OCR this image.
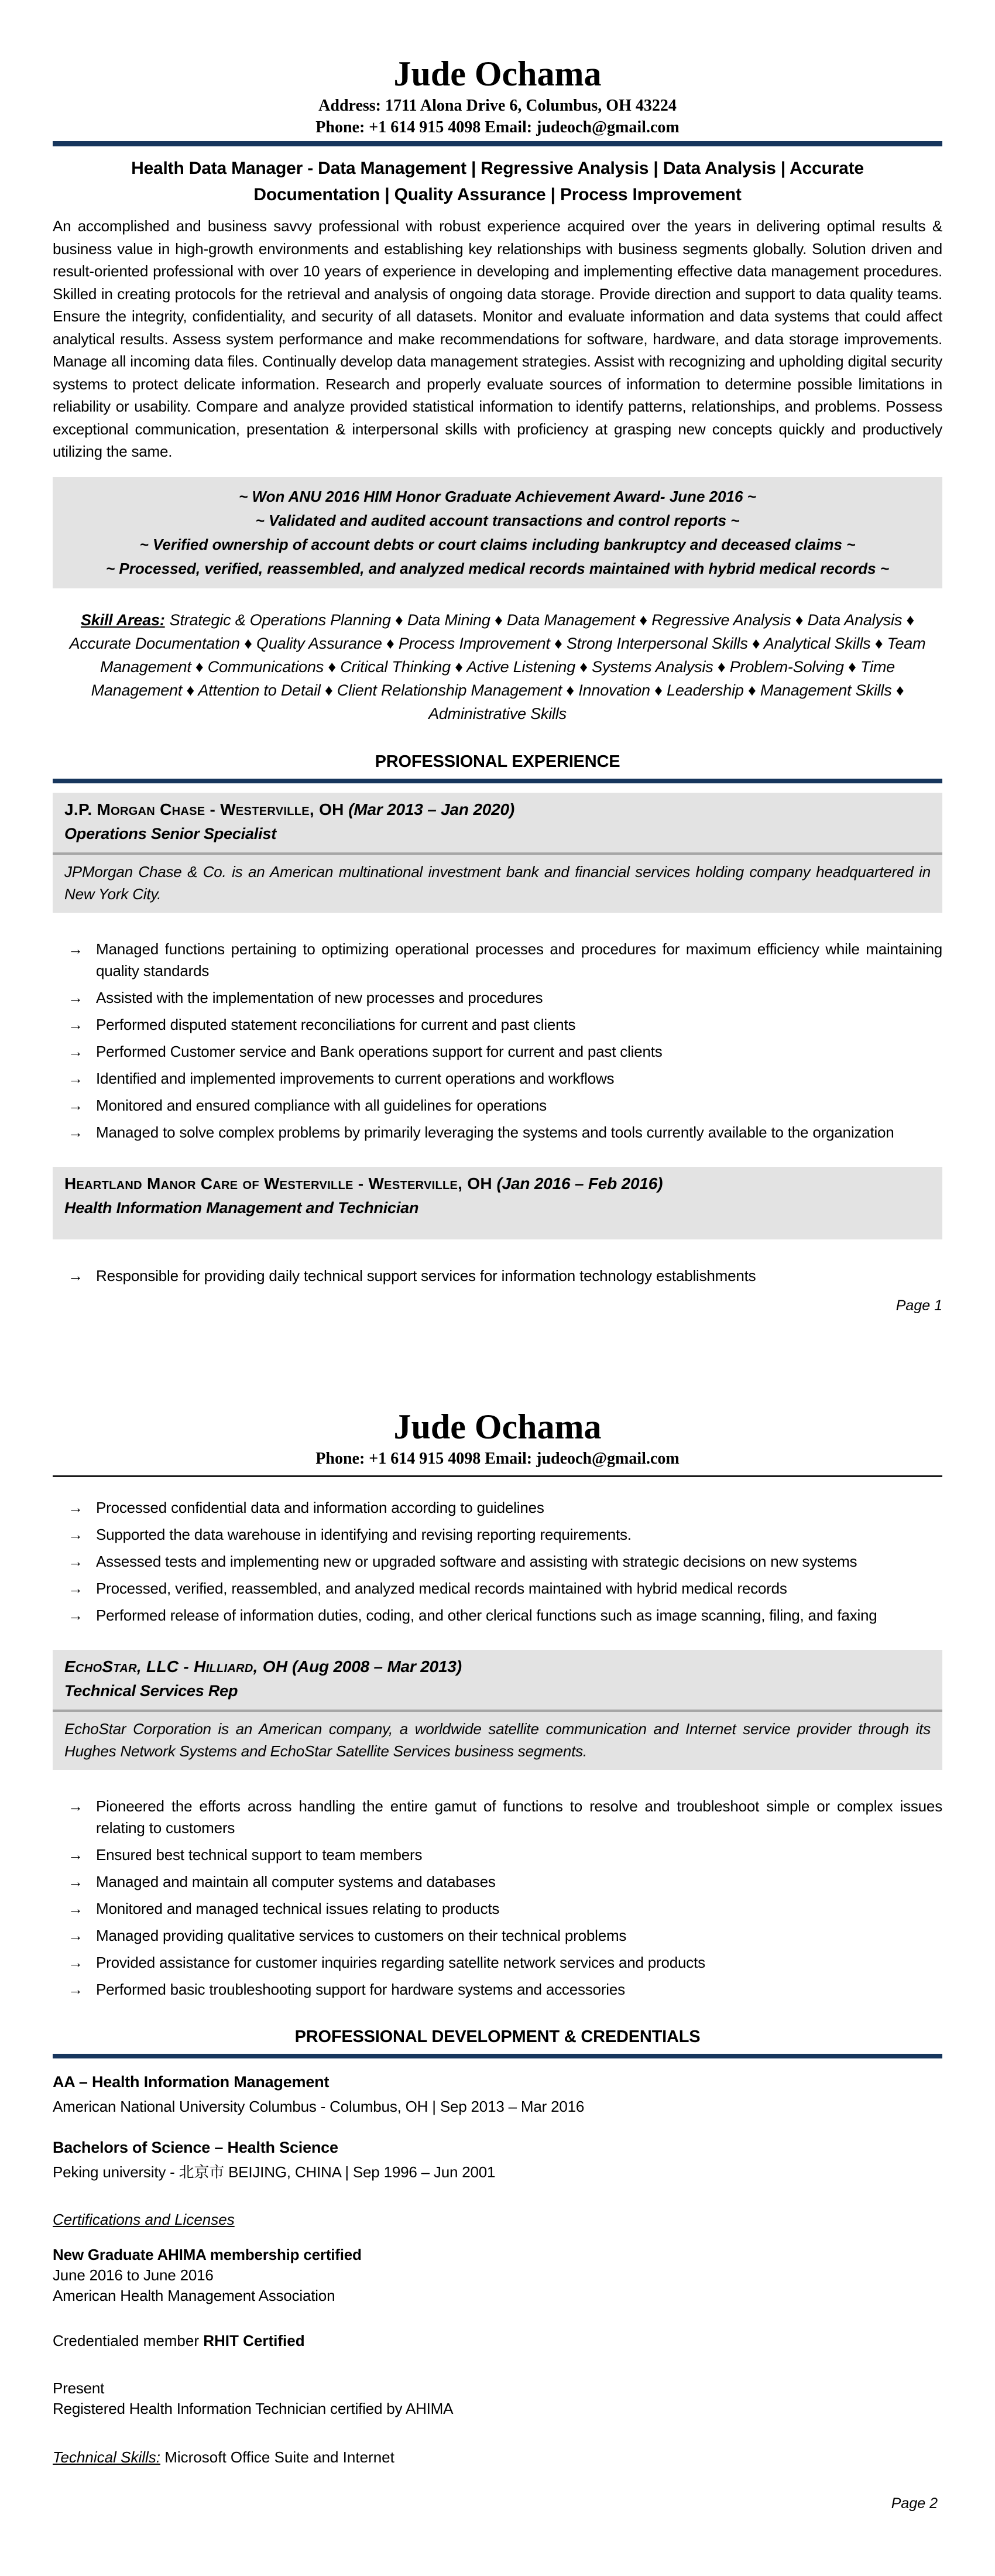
Jude Ochama
Address: 1711 Alona Drive 6, Columbus, OH 43224
Phone: +1 614 915 4098 Email: judeoch@gmail.com
Health Data Manager - Data Management | Regressive Analysis | Data Analysis | Accurate Documentation | Quality Assurance | Process Improvement

An accomplished and business savvy professional with robust experience acquired over the years in delivering optimal results & business value in high-growth environments and establishing key relationships with business segments globally. Solution driven and result-oriented professional with over 10 years of experience in developing and implementing effective data management procedures. Skilled in creating protocols for the retrieval and analysis of ongoing data storage. Provide direction and support to data quality teams. Ensure the integrity, confidentiality, and security of all datasets. Monitor and evaluate information and data systems that could affect analytical results. Assess system performance and make recommendations for software, hardware, and data storage improvements. Manage all incoming data files. Continually develop data management strategies. Assist with recognizing and upholding digital security systems to protect delicate information. Research and properly evaluate sources of information to determine possible limitations in reliability or usability. Compare and analyze provided statistical information to identify patterns, relationships, and problems. Possess exceptional communication, presentation & interpersonal skills with proficiency at grasping new concepts quickly and productively utilizing the same.

~ Won ANU 2016 HIM Honor Graduate Achievement Award- June 2016 ~
~ Validated and audited account transactions and control reports ~
~ Verified ownership of account debts or court claims including bankruptcy and deceased claims ~
~ Processed, verified, reassembled, and analyzed medical records maintained with hybrid medical records ~

Skill Areas: Strategic & Operations Planning ♦ Data Mining ♦ Data Management ♦ Regressive Analysis ♦ Data Analysis ♦ Accurate Documentation ♦ Quality Assurance ♦ Process Improvement ♦ Strong Interpersonal Skills ♦ Analytical Skills ♦ Team Management ♦ Communications ♦ Critical Thinking ♦ Active Listening ♦ Systems Analysis ♦ Problem-Solving ♦ Time Management ♦ Attention to Detail ♦ Client Relationship Management ♦ Innovation ♦ Leadership ♦ Management Skills ♦ Administrative Skills

PROFESSIONAL EXPERIENCE
J.P. Morgan Chase - Westerville, OH (Mar 2013 – Jan 2020)
Operations Senior Specialist
JPMorgan Chase & Co. is an American multinational investment bank and financial services holding company headquartered in New York City.
→ Managed functions pertaining to optimizing operational processes and procedures for maximum efficiency while maintaining quality standards
→ Assisted with the implementation of new processes and procedures
→ Performed disputed statement reconciliations for current and past clients
→ Performed Customer service and Bank operations support for current and past clients
→ Identified and implemented improvements to current operations and workflows
→ Monitored and ensured compliance with all guidelines for operations
→ Managed to solve complex problems by primarily leveraging the systems and tools currently available to the organization
Heartland Manor Care of Westerville - Westerville, OH (Jan 2016 – Feb 2016)
Health Information Management and Technician
→ Responsible for providing daily technical support services for information technology establishments
Page 1
Jude Ochama
Phone: +1 614 915 4098 Email: judeoch@gmail.com
→ Processed confidential data and information according to guidelines
→ Supported the data warehouse in identifying and revising reporting requirements.
→ Assessed tests and implementing new or upgraded software and assisting with strategic decisions on new systems
→ Processed, verified, reassembled, and analyzed medical records maintained with hybrid medical records
→ Performed release of information duties, coding, and other clerical functions such as image scanning, filing, and faxing
EchoStar, LLC - Hilliard, OH (Aug 2008 – Mar 2013)
Technical Services Rep
EchoStar Corporation is an American company, a worldwide satellite communication and Internet service provider through its Hughes Network Systems and EchoStar Satellite Services business segments.
→ Pioneered the efforts across handling the entire gamut of functions to resolve and troubleshoot simple or complex issues relating to customers
→ Ensured best technical support to team members
→ Managed and maintain all computer systems and databases
→ Monitored and managed technical issues relating to products
→ Managed providing qualitative services to customers on their technical problems
→ Provided assistance for customer inquiries regarding satellite network services and products
→ Performed basic troubleshooting support for hardware systems and accessories
PROFESSIONAL DEVELOPMENT & CREDENTIALS
AA – Health Information Management
American National University Columbus - Columbus, OH | Sep 2013 – Mar 2016
Bachelors of Science – Health Science
Peking university - 北京市 BEIJING, CHINA | Sep 1996 – Jun 2001
Certifications and Licenses
New Graduate AHIMA membership certified
June 2016 to June 2016
American Health Management Association
Credentialed member RHIT Certified
Present
Registered Health Information Technician certified by AHIMA
Technical Skills: Microsoft Office Suite and Internet
Page 2
